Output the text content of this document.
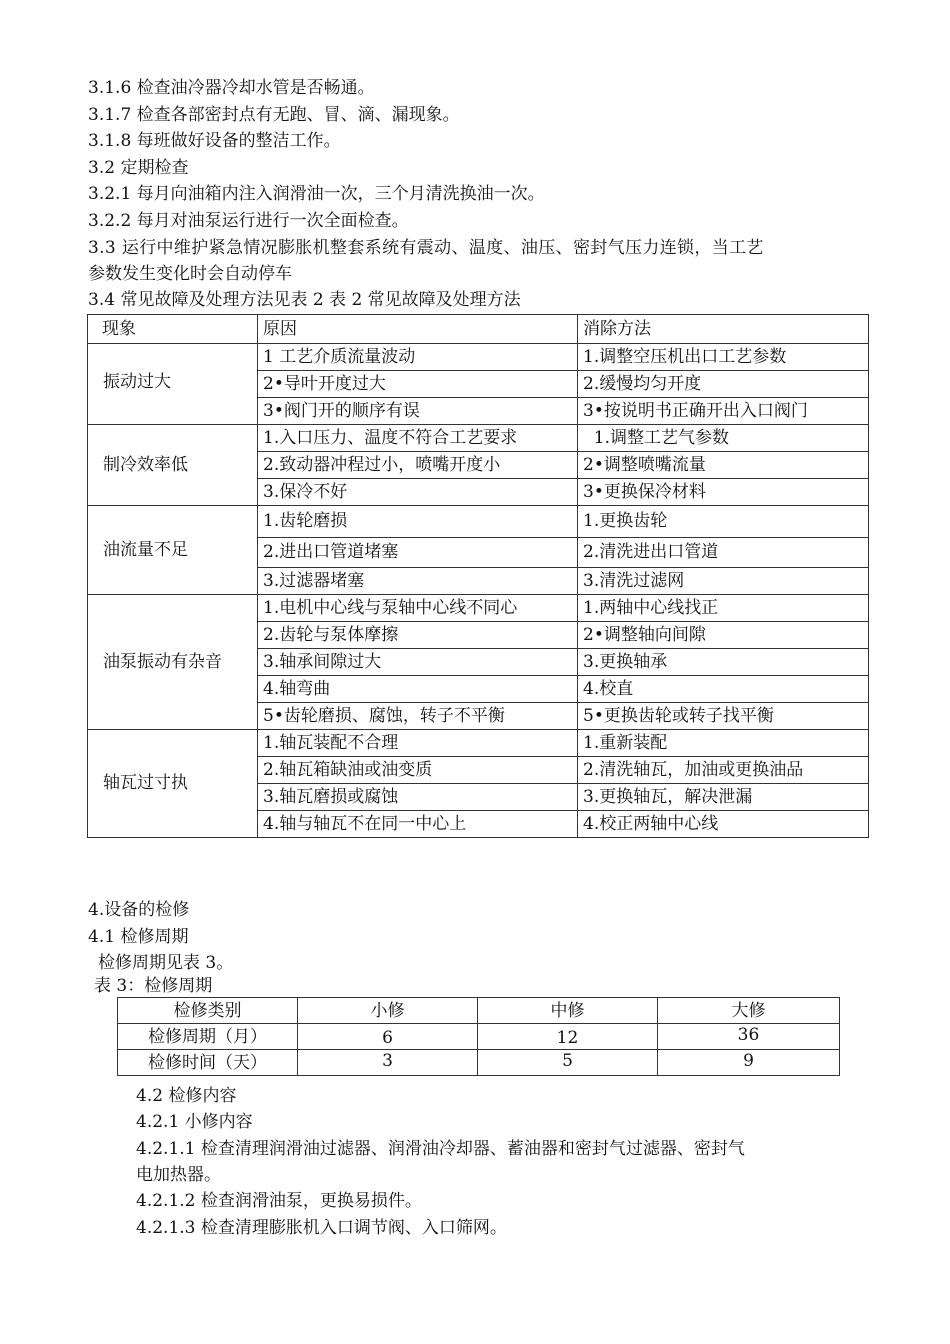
3.1.6 检查油冷器冷却水管是否畅通。
3.1.7 检查各部密封点有无跑、冒、滴、漏现象。
3.1.8 每班做好设备的整洁工作。
3.2 定期检查
3.2.1 每月向油箱内注入润滑油一次，三个月清洗换油一次。
3.2.2 每月对油泵运行进行一次全面检查。
3.3 运行中维护紧急情况膨胀机整套系统有震动、温度、油压、密封气压力连锁，当工艺
参数发生变化时会自动停车
3.4 常见故障及处理方法见表 2 表 2 常见故障及处理方法
现象	原因	消除方法
振动过大	1 工艺介质流量波动	1.调整空压机出口工艺参数
	2•导叶开度过大	2.缓慢均匀开度
	3•阀门开的顺序有误	3•按说明书正确开出入口阀门
制冷效率低	1.入口压力、温度不符合工艺要求	1.调整工艺气参数
	2.致动器冲程过小，喷嘴开度小	2•调整喷嘴流量
	3.保冷不好	3•更换保冷材料
油流量不足	1.齿轮磨损	1.更换齿轮
	2.进出口管道堵塞	2.清洗进出口管道
	3.过滤器堵塞	3.清洗过滤网
油泵振动有杂音	1.电机中心线与泵轴中心线不同心	1.两轴中心线找正
	2.齿轮与泵体摩擦	2•调整轴向间隙
	3.轴承间隙过大	3.更换轴承
	4.轴弯曲	4.校直
	5•齿轮磨损、腐蚀，转子不平衡	5•更换齿轮或转子找平衡
轴瓦过寸执	1.轴瓦装配不合理	1.重新装配
	2.轴瓦箱缺油或油变质	2.清洗轴瓦，加油或更换油品
	3.轴瓦磨损或腐蚀	3.更换轴瓦，解决泄漏
	4.轴与轴瓦不在同一中心上	4.校正两轴中心线
4.设备的检修
4.1 检修周期
检修周期见表 3。
表 3：检修周期
检修类别	小修	中修	大修
检修周期（月）	6	12	36
检修时间（天）	3	5	9
4.2 检修内容
4.2.1 小修内容
4.2.1.1 检查清理润滑油过滤器、润滑油冷却器、蓄油器和密封气过滤器、密封气
电加热器。
4.2.1.2 检查润滑油泵，更换易损件。
4.2.1.3 检查清理膨胀机入口调节阀、入口筛网。
